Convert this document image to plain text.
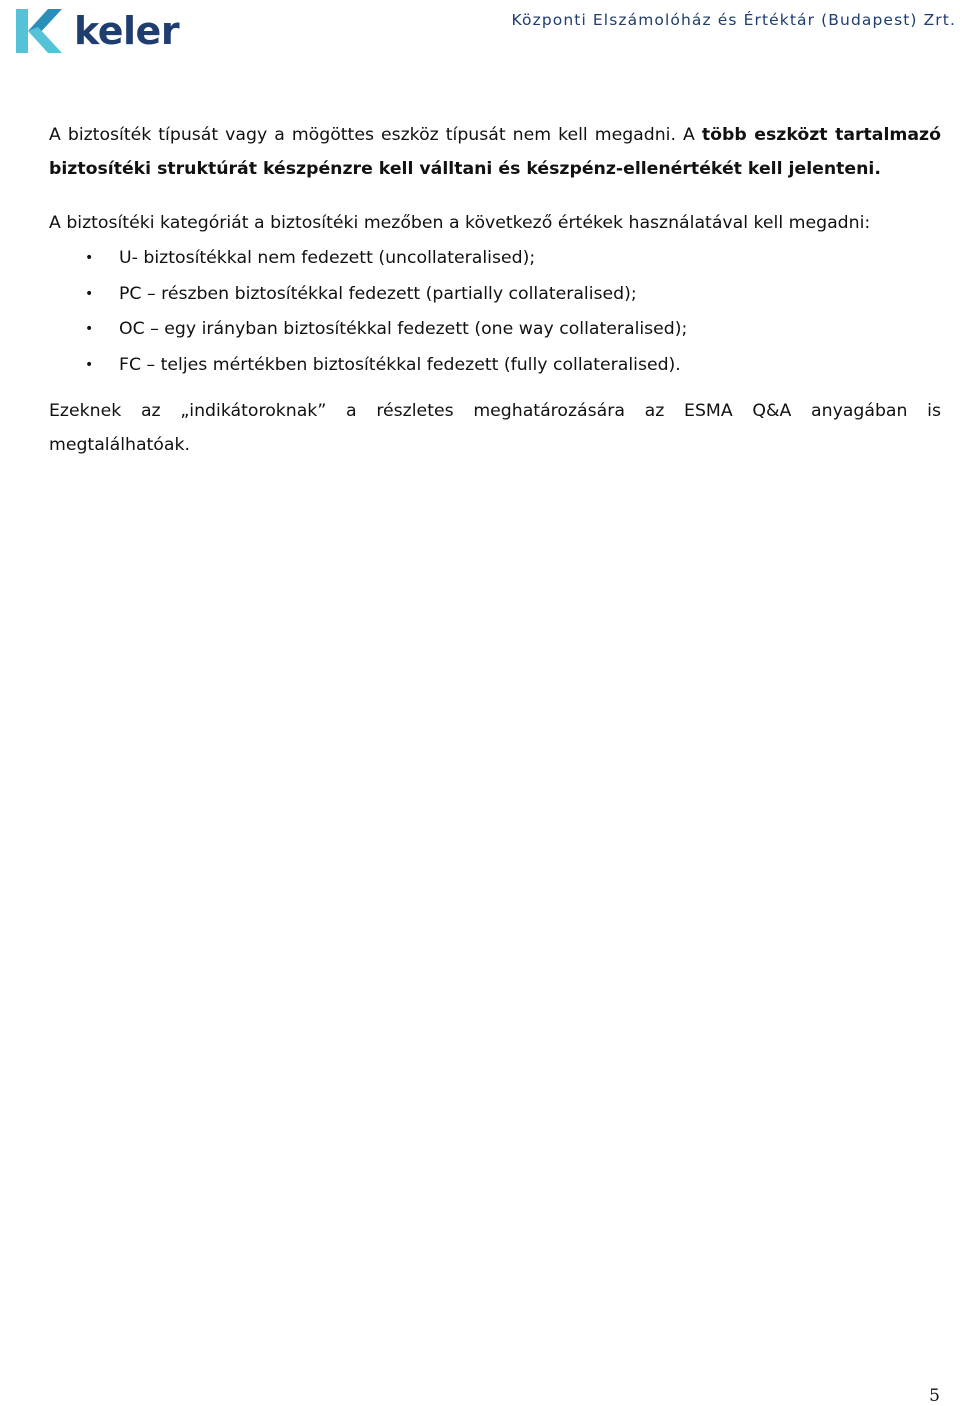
keler	Központi Elszámolóház és Értéktár (Budapest) Zrt.

A biztosíték típusát vagy a mögöttes eszköz típusát nem kell megadni. A több eszközt tartalmazó biztosítéki struktúrát készpénzre kell válltani és készpénz-ellenértékét kell jelenteni.

A biztosítéki kategóriát a biztosítéki mezőben a következő értékek használatával kell megadni:

• U- biztosítékkal nem fedezett (uncollateralised);
• PC – részben biztosítékkal fedezett (partially collateralised);
• OC – egy irányban biztosítékkal fedezett (one way collateralised);
• FC – teljes mértékben biztosítékkal fedezett (fully collateralised).

Ezeknek az „indikátoroknak” a részletes meghatározására az ESMA Q&A anyagában is megtalálhatóak.

5
